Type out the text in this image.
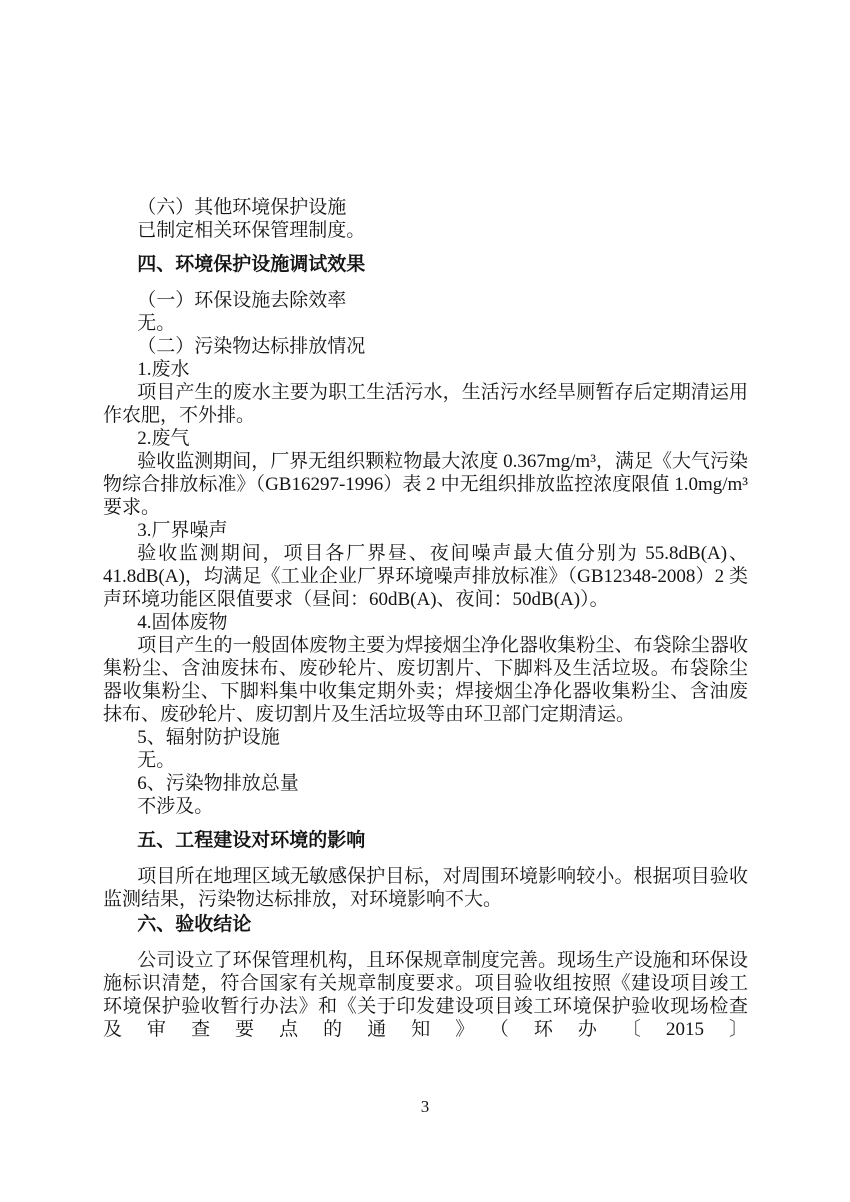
（六）其他环境保护设施

已制定相关环保管理制度。

四、环境保护设施调试效果

（一）环保设施去除效率

无。

（二）污染物达标排放情况

1.废水

项目产生的废水主要为职工生活污水，生活污水经旱厕暂存后定期清运用作农肥，不外排。

2.废气

验收监测期间，厂界无组织颗粒物最大浓度 0.367mg/m³，满足《大气污染物综合排放标准》（GB16297-1996）表 2 中无组织排放监控浓度限值 1.0mg/m³要求。

3.厂界噪声

验收监测期间，项目各厂界昼、夜间噪声最大值分别为 55.8dB(A)、41.8dB(A)，均满足《工业企业厂界环境噪声排放标准》（GB12348-2008）2 类声环境功能区限值要求（昼间：60dB(A)、夜间：50dB(A)）。

4.固体废物

项目产生的一般固体废物主要为焊接烟尘净化器收集粉尘、布袋除尘器收集粉尘、含油废抹布、废砂轮片、废切割片、下脚料及生活垃圾。布袋除尘器收集粉尘、下脚料集中收集定期外卖；焊接烟尘净化器收集粉尘、含油废抹布、废砂轮片、废切割片及生活垃圾等由环卫部门定期清运。

5、辐射防护设施

无。

6、污染物排放总量

不涉及。

五、工程建设对环境的影响

项目所在地理区域无敏感保护目标，对周围环境影响较小。根据项目验收监测结果，污染物达标排放，对环境影响不大。

六、验收结论

公司设立了环保管理机构，且环保规章制度完善。现场生产设施和环保设施标识清楚，符合国家有关规章制度要求。项目验收组按照《建设项目竣工环境保护验收暂行办法》和《关于印发建设项目竣工环境保护验收现场检查及审查要点的通知》（环办〔2015〕

3
